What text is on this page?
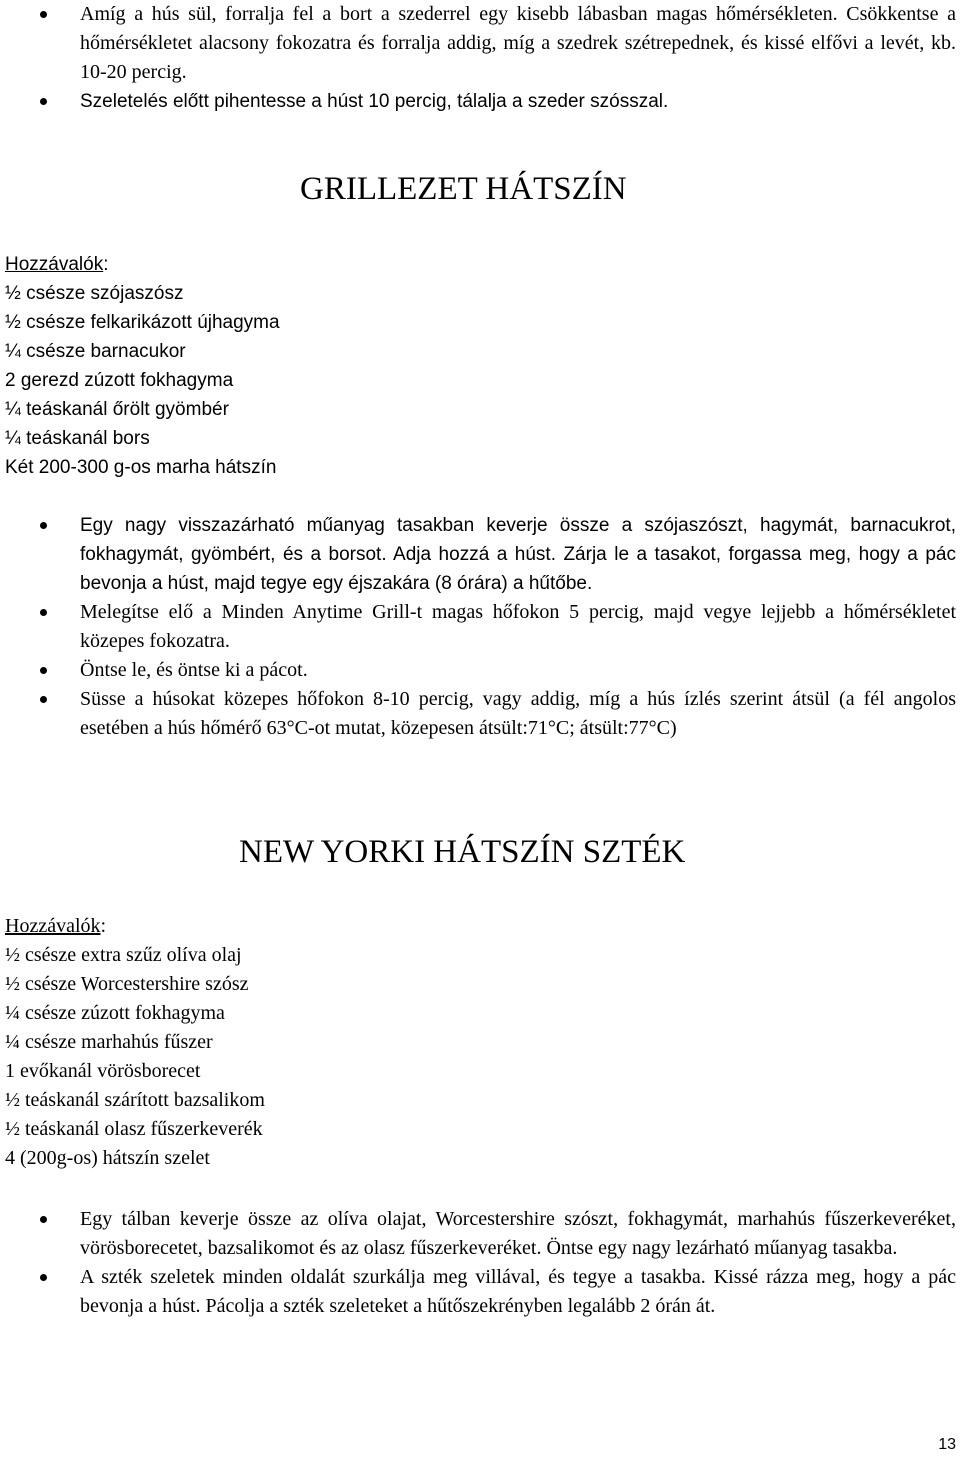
Amíg a hús sül, forralja fel a bort a szederrel egy kisebb lábasban magas hőmérsékleten. Csökkentse a hőmérsékletet alacsony fokozatra és forralja addig, míg a szedrek szétrepednek, és kissé elfővi a levét, kb. 10-20 percig.
Szeletelés előtt pihentesse a húst 10 percig, tálalja a szeder szósszal.
GRILLEZET HÁTSZÍN
Hozzávalók:
½ csésze szójaszósz
½ csésze felkarikázott újhagyma
¼ csésze barnacukor
2 gerezd zúzott fokhagyma
¼ teáskanál őrölt gyömbér
¼ teáskanál bors
Két 200-300 g-os marha hátszín
Egy nagy visszazárható műanyag tasakban keverje össze a szójaszószt, hagymát, barnacukrot, fokhagymát, gyömbért, és a borsot. Adja hozzá a húst. Zárja le a tasakot, forgassa meg, hogy a pác bevonja a húst, majd tegye egy éjszakára (8 órára) a hűtőbe.
Melegítse elő a Minden Anytime Grill-t magas hőfokon 5 percig, majd vegye lejjebb a hőmérsékletet közepes fokozatra.
Öntse le, és öntse ki a pácot.
Süsse a húsokat közepes hőfokon 8-10 percig, vagy addig, míg a hús ízlés szerint átsül (a fél angolos esetében a hús hőmérő 63°C-ot mutat, közepesen átsült:71°C; átsült:77°C)
NEW YORKI HÁTSZÍN SZTÉK
Hozzávalók:
½ csésze extra szűz olíva olaj
½ csésze Worcestershire szósz
¼ csésze zúzott fokhagyma
¼ csésze marhahús fűszer
1 evőkanál vörösborecet
½ teáskanál szárított bazsalikom
½ teáskanál olasz fűszerkeverék
4 (200g-os) hátszín szelet
Egy tálban keverje össze az olíva olajat, Worcestershire szószt, fokhagymát, marhahús fűszerkeveréket, vörösborecetet, bazsalikomot és az olasz fűszerkeveréket. Öntse egy nagy lezárható műanyag tasakba.
A szték szeletek minden oldalát szurkálja meg villával, és tegye a tasakba. Kissé rázza meg, hogy a pác bevonja a húst. Pácolja a szték szeleteket a hűtőszekrényben legalább 2 órán át.
13
